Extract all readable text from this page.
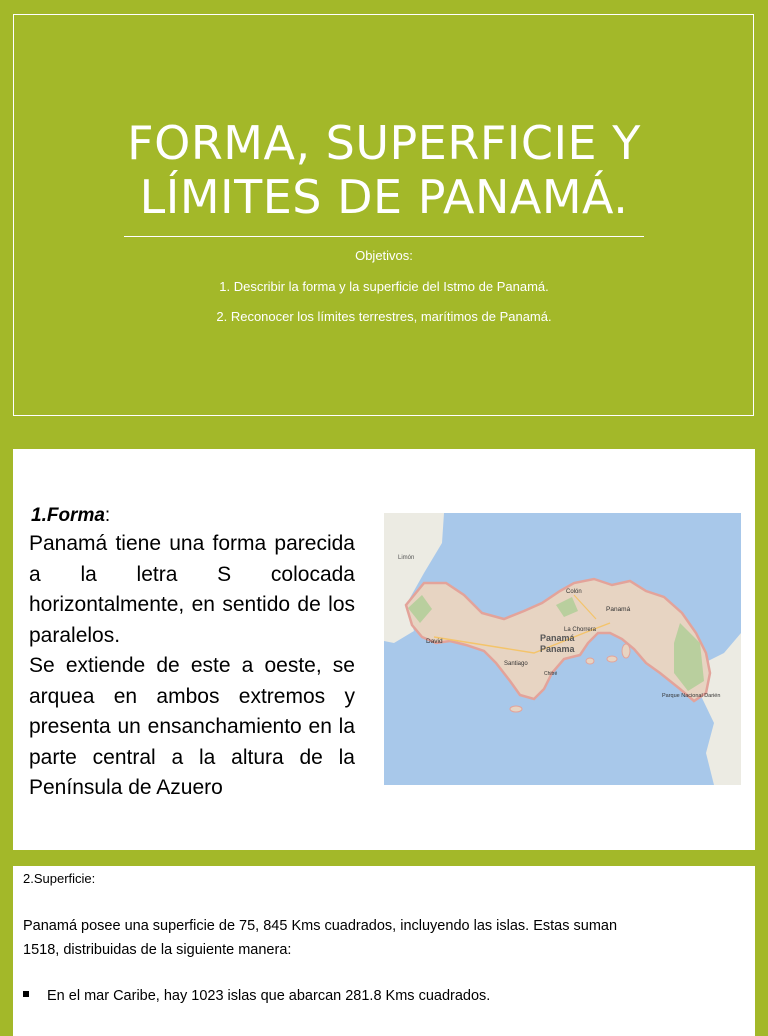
FORMA, SUPERFICIE Y
LÍMITES DE PANAMÁ.
Objetivos:
1. Describir la forma y la superficie del Istmo de Panamá.
2. Reconocer los límites terrestres, marítimos de Panamá.
1.Forma:
Panamá tiene una forma parecida a la letra S colocada horizontalmente, en sentido de los paralelos.
Se extiende de este a oeste, se arquea en ambos extremos y presenta un ensanchamiento en la parte central a la altura de la Península de Azuero
Limón
David
Santiago
Colón
Panamá
La Chorrera
Panamá
Panama
Chitré
Parque Nacional Darién
2.Superficie:
Panamá posee una superficie de 75, 845 Kms cuadrados, incluyendo las islas. Estas suman
1518, distribuidas de la siguiente manera:
En el mar Caribe, hay 1023 islas que abarcan 281.8 Kms cuadrados.
